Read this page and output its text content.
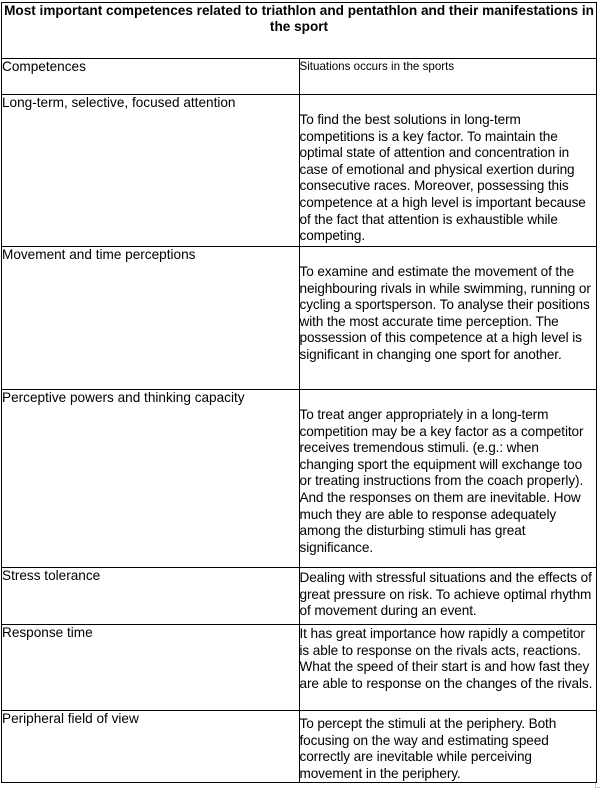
Most important competences related to triathlon and pentathlon and their manifestations in the sport	
Competences	Situations occurs in the sports
Long-term, selective, focused attention	To find the best solutions in long-term competitions is a key factor. To maintain the optimal state of attention and concentration in case of emotional and physical exertion during consecutive races. Moreover, possessing this competence at a high level is important because of the fact that attention is exhaustible while competing.

Movement and time perceptions	To examine and estimate the movement of the neighbouring rivals in while swimming, running or cycling a sportsperson. To analyse their positions with the most accurate time perception. The possession of this competence at a high level is significant in changing one sport for another.

Perceptive powers and thinking capacity	To treat anger appropriately in a long-term competition may be a key factor as a competitor receives tremendous stimuli. (e.g.: when changing sport the equipment will exchange too or treating instructions from the coach properly). And the responses on them are inevitable. How much they are able to response adequately among the disturbing stimuli has great significance.

Stress tolerance	Dealing with stressful situations and the effects of great pressure on risk. To achieve optimal rhythm of movement during an event.

Response time	It has great importance how rapidly a competitor is able to response on the rivals acts, reactions. What the speed of their start is and how fast they are able to response on the changes of the rivals.

Peripheral field of view	To percept the stimuli at the periphery. Both focusing on the way and estimating speed correctly are inevitable while perceiving movement in the periphery.
